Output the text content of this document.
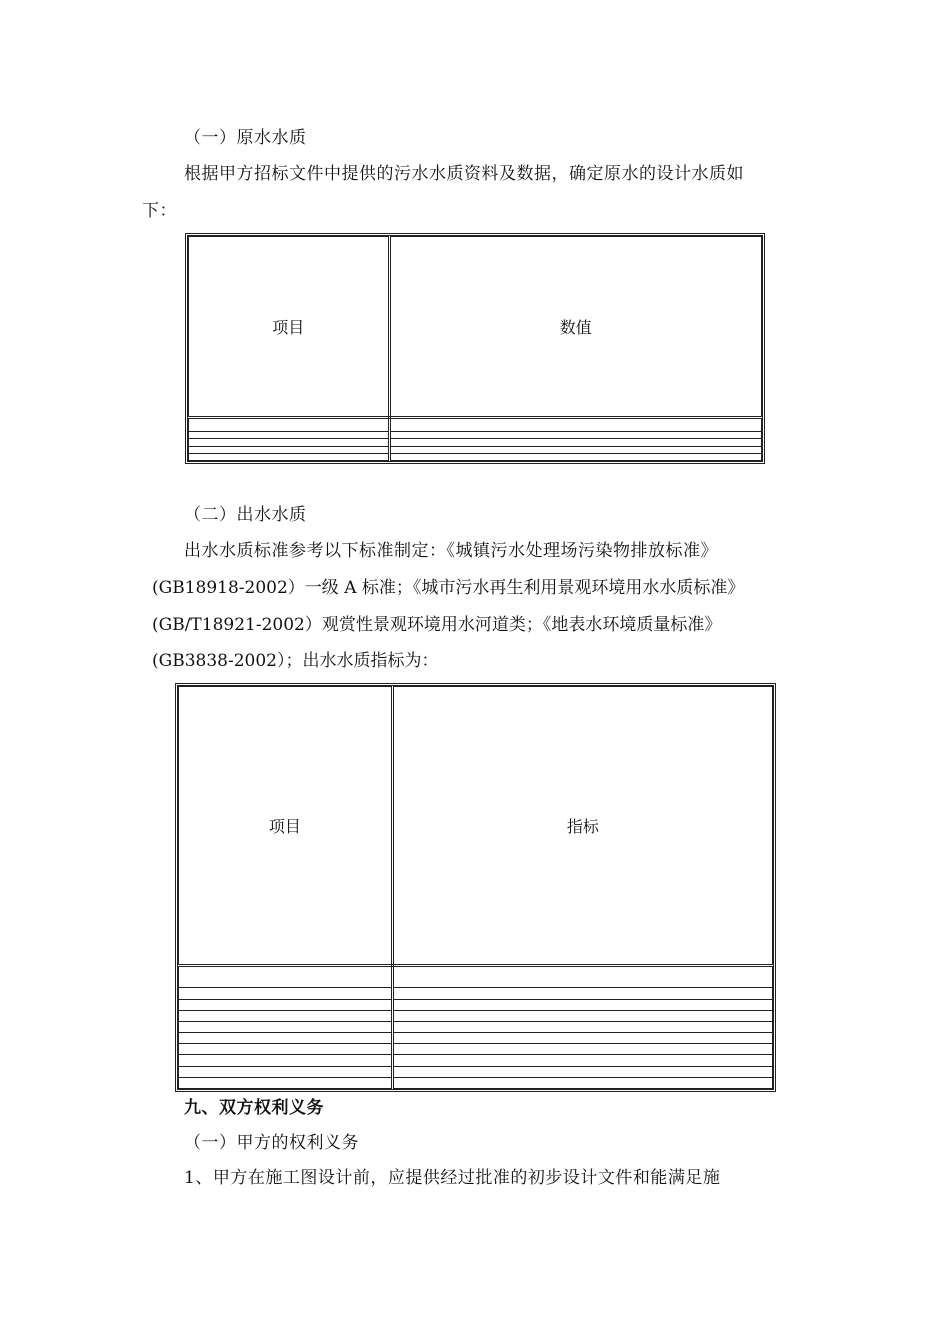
（一）原水水质
根据甲方招标文件中提供的污水水质资料及数据，确定原水的设计水质如
下：
项目	数值

（二）出水水质
出水水质标准参考以下标准制定：《城镇污水处理场污染物排放标准》
(GB18918-2002）一级 A 标准；《城市污水再生利用景观环境用水水质标准》
(GB/T18921-2002）观赏性景观环境用水河道类；《地表水环境质量标准》
(GB3838-2002）；出水水质指标为：
项目	指标

九、双方权利义务
（一）甲方的权利义务
1、甲方在施工图设计前，应提供经过批准的初步设计文件和能满足施
